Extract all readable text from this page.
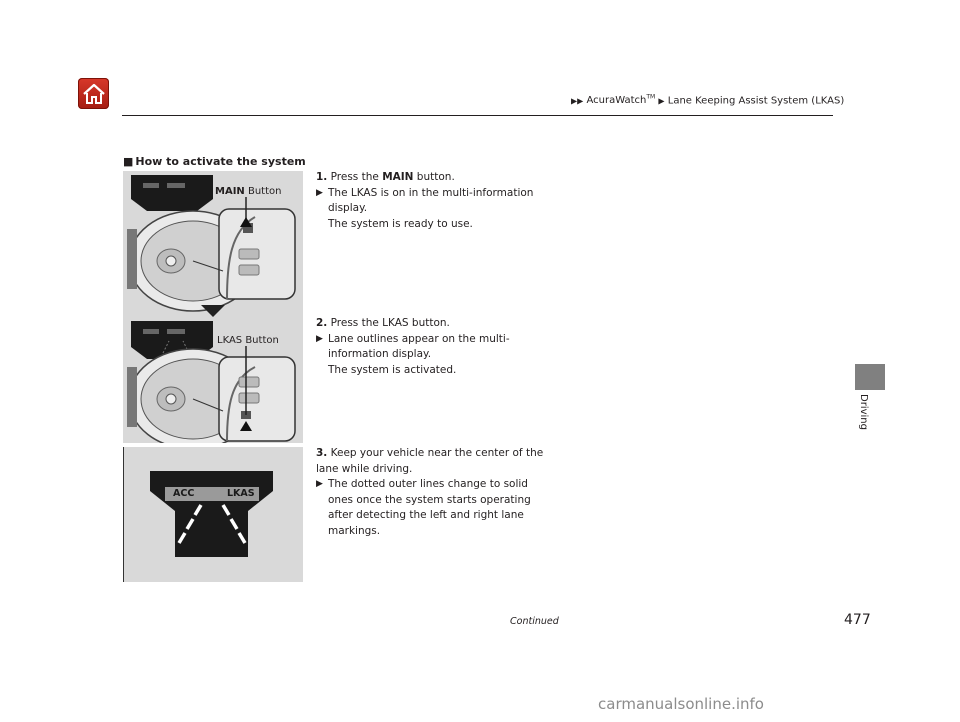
▶▶ AcuraWatch™ ▶ Lane Keeping Assist System (LKAS)
Driving
■ How to activate the system
MAIN Button
LKAS Button
ACC	LKAS
1. Press the MAIN button.
▶ The LKAS is on in the multi-information display.
The system is ready to use.
2. Press the LKAS button.
▶ Lane outlines appear on the multi-information display.
The system is activated.
3. Keep your vehicle near the center of the lane while driving.
▶ The dotted outer lines change to solid ones once the system starts operating after detecting the left and right lane markings.
Continued	477
carmanualsonline.info
